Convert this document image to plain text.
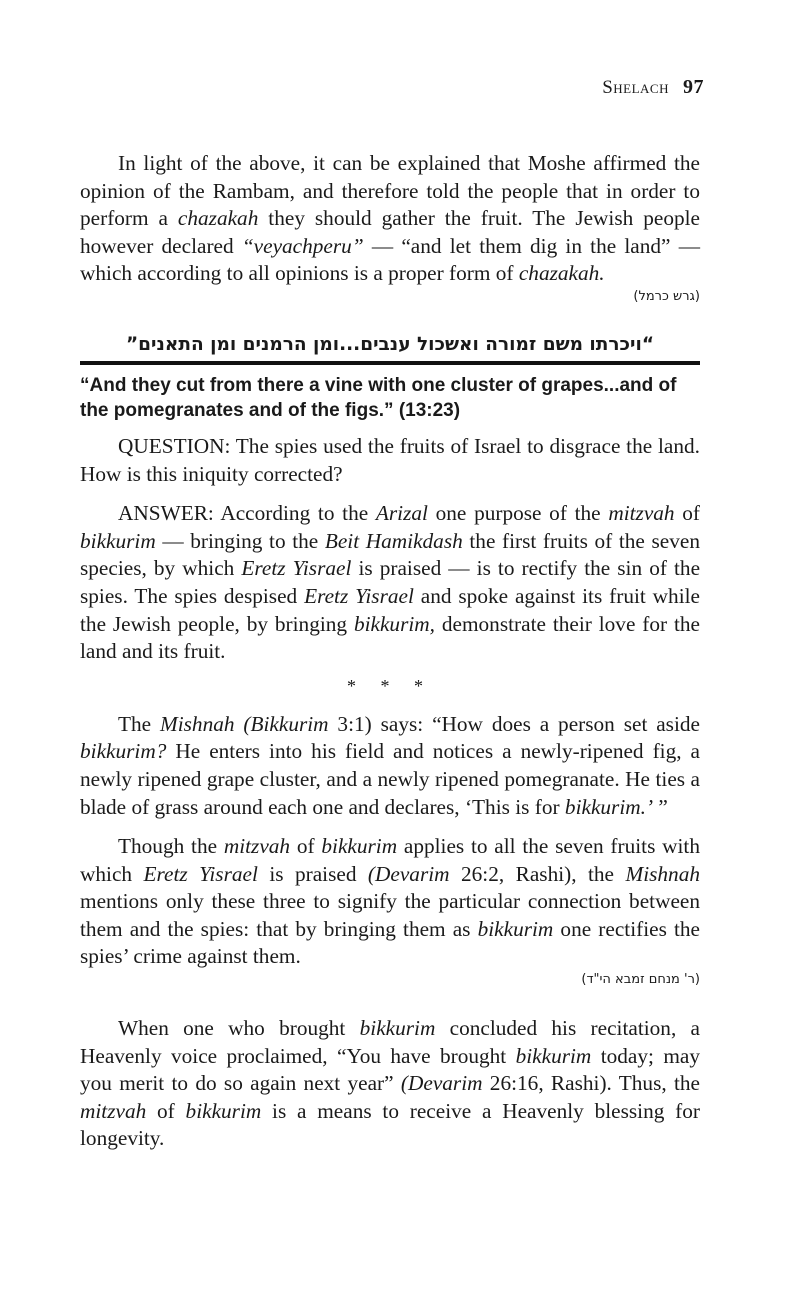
Shelach 97

In light of the above, it can be explained that Moshe affirmed the opinion of the Rambam, and therefore told the people that in order to perform a chazakah they should gather the fruit. The Jewish people however declared “veyachperu” — “and let them dig in the land” — which according to all opinions is a proper form of chazakah.

(גרש כרמל)
“ויכרתו משם זמורה ואשכול ענבים...ומן הרמנים ומן התאנים”
“And they cut from there a vine with one cluster of grapes...and of the pomegranates and of the figs.” (13:23)

QUESTION: The spies used the fruits of Israel to disgrace the land. How is this iniquity corrected?

ANSWER: According to the Arizal one purpose of the mitzvah of bikkurim — bringing to the Beit Hamikdash the first fruits of the seven species, by which Eretz Yisrael is praised — is to rectify the sin of the spies. The spies despised Eretz Yisrael and spoke against its fruit while the Jewish people, by bringing bikkurim, demonstrate their love for the land and its fruit.

* * *

The Mishnah (Bikkurim 3:1) says: “How does a person set aside bikkurim? He enters into his field and notices a newly-ripened fig, a newly ripened grape cluster, and a newly ripened pomegranate. He ties a blade of grass around each one and declares, ‘This is for bikkurim.’ ”

Though the mitzvah of bikkurim applies to all the seven fruits with which Eretz Yisrael is praised (Devarim 26:2, Rashi), the Mishnah mentions only these three to signify the particular connection between them and the spies: that by bringing them as bikkurim one rectifies the spies’ crime against them.

(ר' מנחם זמבא הי"ד)

When one who brought bikkurim concluded his recitation, a Heavenly voice proclaimed, “You have brought bikkurim today; may you merit to do so again next year” (Devarim 26:16, Rashi). Thus, the mitzvah of bikkurim is a means to receive a Heavenly blessing for longevity.
